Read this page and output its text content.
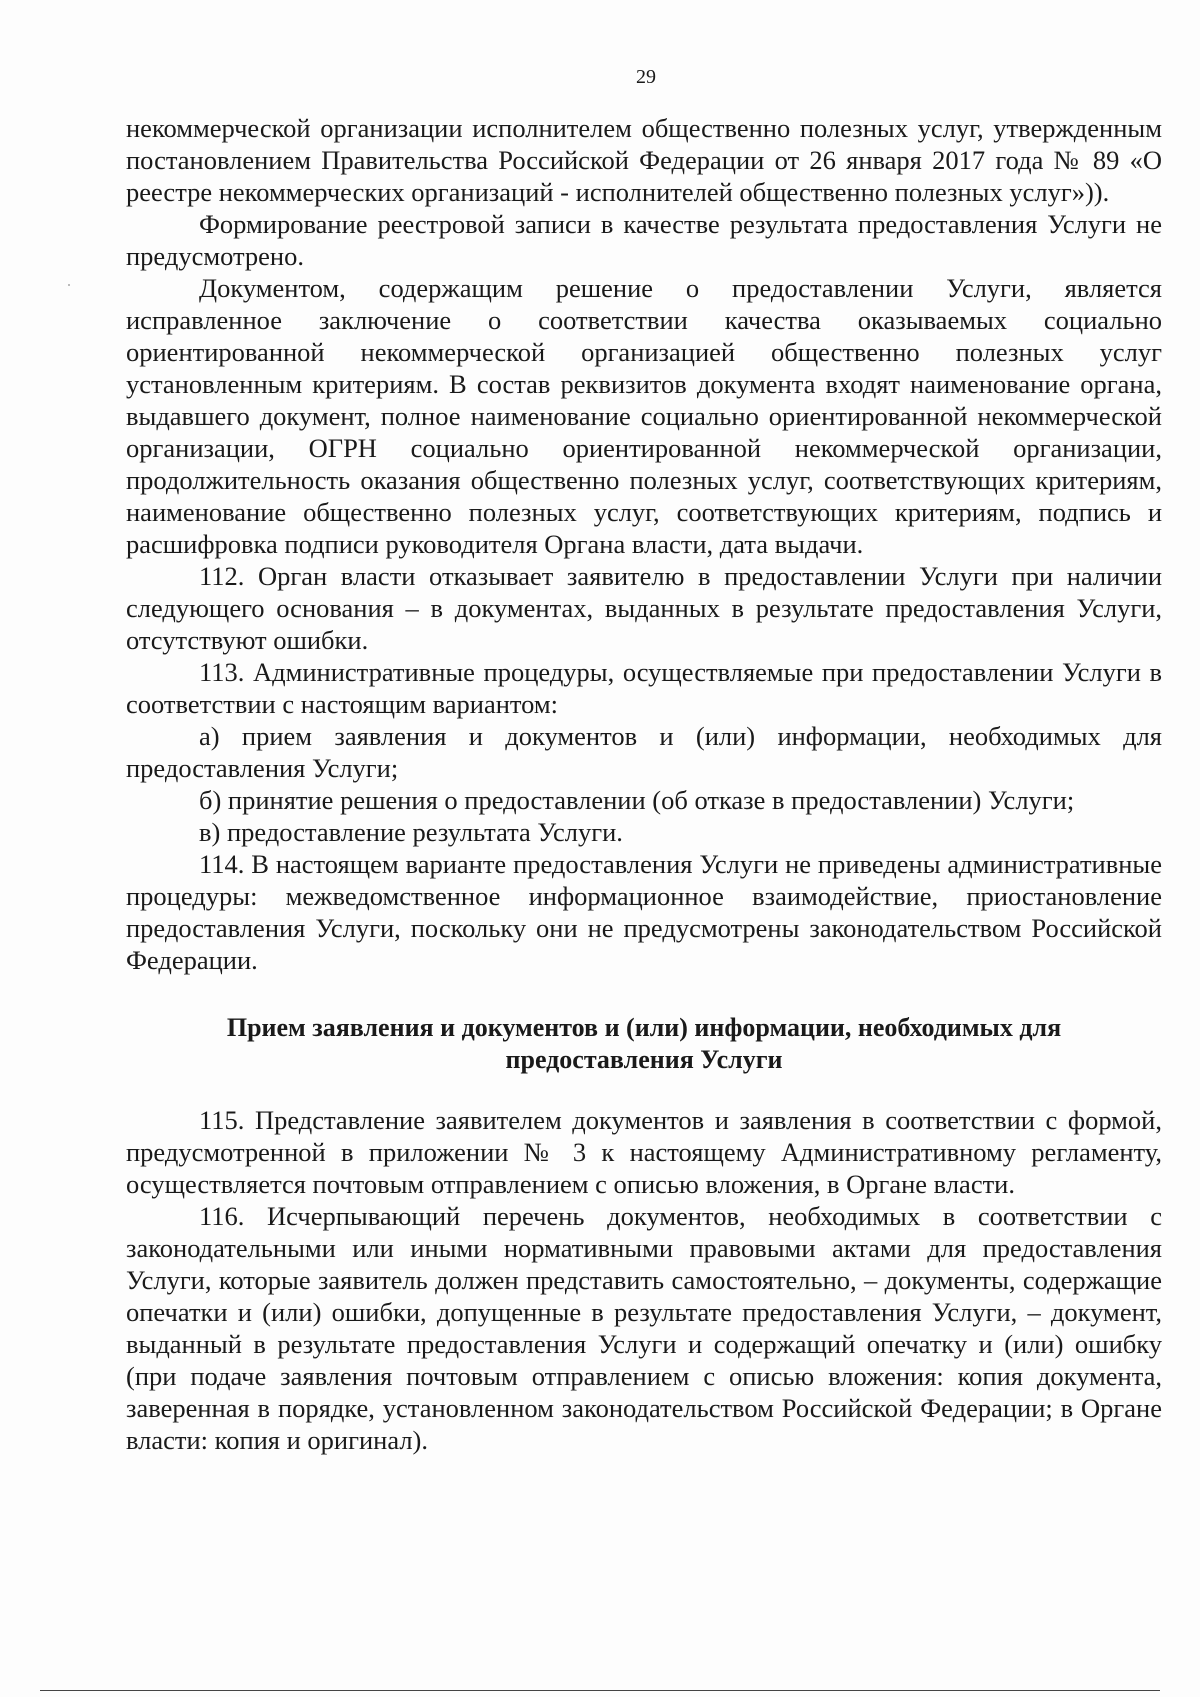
29

некоммерческой организации исполнителем общественно полезных услуг, утвержденным постановлением Правительства Российской Федерации от 26 января 2017 года № 89 «О реестре некоммерческих организаций - исполнителей общественно полезных услуг»)).

Формирование реестровой записи в качестве результата предоставления Услуги не предусмотрено.

Документом, содержащим решение о предоставлении Услуги, является исправленное заключение о соответствии качества оказываемых социально ориентированной некоммерческой организацией общественно полезных услуг установленным критериям. В состав реквизитов документа входят наименование органа, выдавшего документ, полное наименование социально ориентированной некоммерческой организации, ОГРН социально ориентированной некоммерческой организации, продолжительность оказания общественно полезных услуг, соответствующих критериям, наименование общественно полезных услуг, соответствующих критериям, подпись и расшифровка подписи руководителя Органа власти, дата выдачи.

112. Орган власти отказывает заявителю в предоставлении Услуги при наличии следующего основания – в документах, выданных в результате предоставления Услуги, отсутствуют ошибки.

113. Административные процедуры, осуществляемые при предоставлении Услуги в соответствии с настоящим вариантом:

а) прием заявления и документов и (или) информации, необходимых для предоставления Услуги;

б) принятие решения о предоставлении (об отказе в предоставлении) Услуги;

в) предоставление результата Услуги.

114. В настоящем варианте предоставления Услуги не приведены административные процедуры: межведомственное информационное взаимодействие, приостановление предоставления Услуги, поскольку они не предусмотрены законодательством Российской Федерации.

Прием заявления и документов и (или) информации, необходимых для предоставления Услуги

115. Представление заявителем документов и заявления в соответствии с формой, предусмотренной в приложении № 3 к настоящему Административному регламенту, осуществляется почтовым отправлением с описью вложения, в Органе власти.

116. Исчерпывающий перечень документов, необходимых в соответствии с законодательными или иными нормативными правовыми актами для предоставления Услуги, которые заявитель должен представить самостоятельно, – документы, содержащие опечатки и (или) ошибки, допущенные в результате предоставления Услуги, – документ, выданный в результате предоставления Услуги и содержащий опечатку и (или) ошибку (при подаче заявления почтовым отправлением с описью вложения: копия документа, заверенная в порядке, установленном законодательством Российской Федерации; в Органе власти: копия и оригинал).
